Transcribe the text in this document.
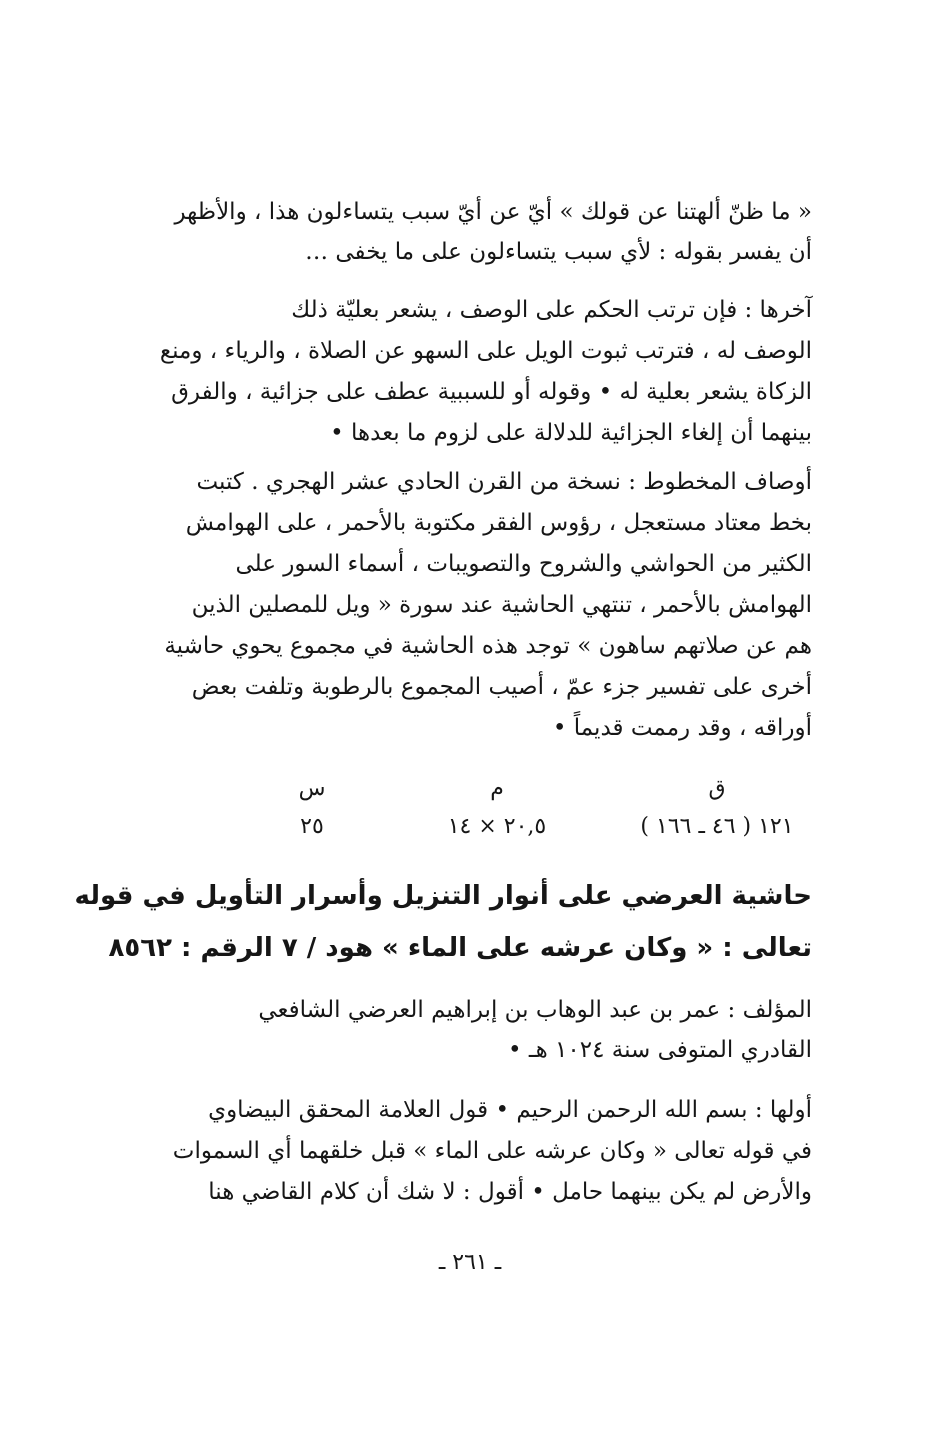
« ما ظنّ ألهتنا عن قولك » أيّ عن أيّ سبب يتساءلون هذا ، والأظهر
أن يفسر بقوله : لأي سبب يتساءلون على ما يخفى …
آخرها : فإن ترتب الحكم على الوصف ، يشعر بعليّة ذلك
الوصف له ، فترتب ثبوت الويل على السهو عن الصلاة ، والرياء ، ومنع
الزكاة يشعر بعلية له • وقوله أو للسببية عطف على جزائية ، والفرق
بينهما أن إلغاء الجزائية للدلالة على لزوم ما بعدها •
أوصاف المخطوط : نسخة من القرن الحادي عشر الهجري . كتبت
بخط معتاد مستعجل ، رؤوس الفقر مكتوبة بالأحمر ، على الهوامش
الكثير من الحواشي والشروح والتصويبات ، أسماء السور على
الهوامش بالأحمر ، تنتهي الحاشية عند سورة « ويل للمصلين الذين
هم عن صلاتهم ساهون » توجد هذه الحاشية في مجموع يحوي حاشية
أخرى على تفسير جزء عمّ ، أصيب المجموع بالرطوبة وتلفت بعض
أوراقه ، وقد رممت قديماً •
ق
١٢١ ( ٤٦ ـ ١٦٦ )
م
٢٠,٥ × ١٤
س
٢٥
حاشية العرضي على أنوار التنزيل وأسرار التأويل في قوله
تعالى : « وكان عرشه على الماء » هود / ٧ الرقم : ٨٥٦٢
المؤلف : عمر بن عبد الوهاب بن إبراهيم العرضي الشافعي
القادري المتوفى سنة ١٠٢٤ هـ •
أولها : بسم الله الرحمن الرحيم • قول العلامة المحقق البيضاوي
في قوله تعالى « وكان عرشه على الماء » قبل خلقهما أي السموات
والأرض لم يكن بينهما حامل • أقول : لا شك أن كلام القاضي هنا
ـ ٢٦١ ـ
